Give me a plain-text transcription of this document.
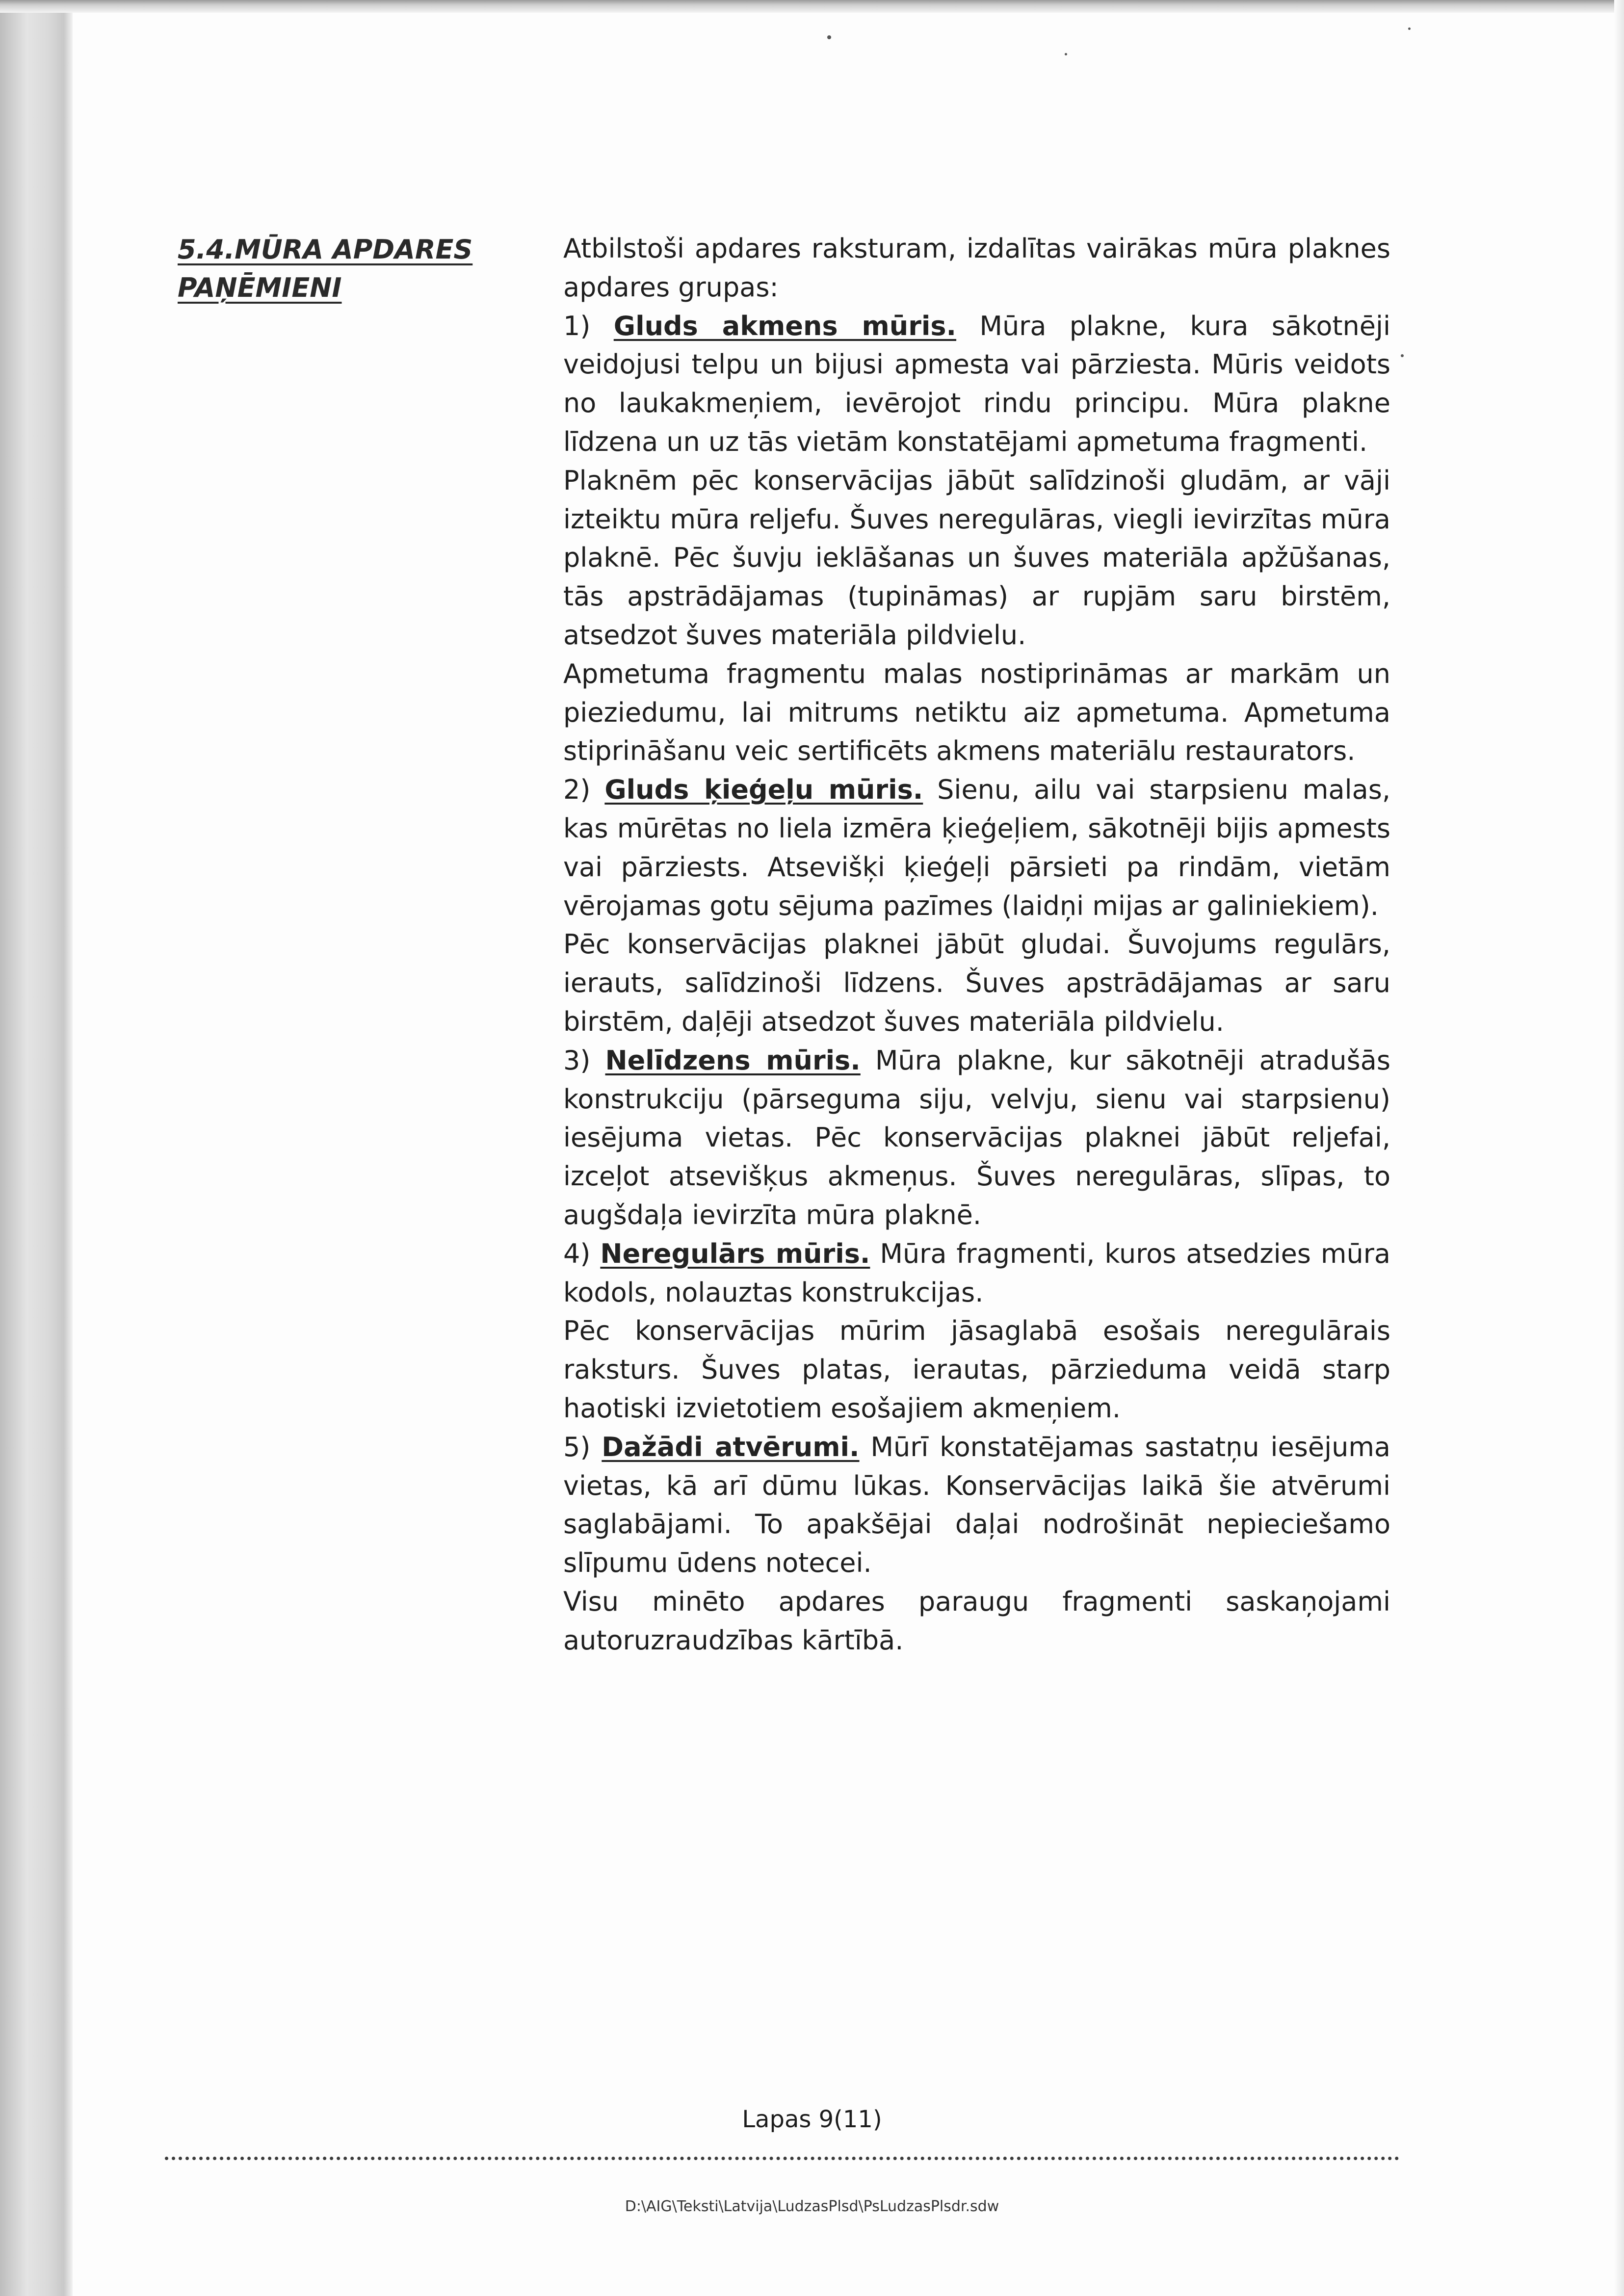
5.4.MŪRA APDARES
PAŅĒMIENI

Atbilstoši apdares raksturam, izdalītas vairākas mūra plaknes apdares grupas:

1) Gluds akmens mūris. Mūra plakne, kura sākotnēji veidojusi telpu un bijusi apmesta vai pārziesta. Mūris veidots no laukakmeņiem, ievērojot rindu principu. Mūra plakne līdzena un uz tās vietām konstatējami apmetuma fragmenti.

Plaknēm pēc konservācijas jābūt salīdzinoši gludām, ar vāji izteiktu mūra reljefu. Šuves neregulāras, viegli ievirzītas mūra plaknē. Pēc šuvju ieklāšanas un šuves materiāla apžūšanas, tās apstrādājamas (tupināmas) ar rupjām saru birstēm, atsedzot šuves materiāla pildvielu.

Apmetuma fragmentu malas nostiprināmas ar markām un pieziedumu, lai mitrums netiktu aiz apmetuma. Apmetuma stiprināšanu veic sertificēts akmens materiālu restaurators.

2) Gluds ķieģeļu mūris. Sienu, ailu vai starpsienu malas, kas mūrētas no liela izmēra ķieģeļiem, sākotnēji bijis apmests vai pārziests. Atsevišķi ķieģeļi pārsieti pa rindām, vietām vērojamas gotu sējuma pazīmes (laidņi mijas ar galiniekiem).

Pēc konservācijas plaknei jābūt gludai. Šuvojums regulārs, ierauts, salīdzinoši līdzens. Šuves apstrādājamas ar saru birstēm, daļēji atsedzot šuves materiāla pildvielu.

3) Nelīdzens mūris. Mūra plakne, kur sākotnēji atradušās konstrukciju (pārseguma siju, velvju, sienu vai starpsienu) iesējuma vietas. Pēc konservācijas plaknei jābūt reljefai, izceļot atsevišķus akmeņus. Šuves neregulāras, slīpas, to augšdaļa ievirzīta mūra plaknē.

4) Neregulārs mūris. Mūra fragmenti, kuros atsedzies mūra kodols, nolauztas konstrukcijas.

Pēc konservācijas mūrim jāsaglabā esošais neregulārais raksturs. Šuves platas, ierautas, pārzieduma veidā starp haotiski izvietotiem esošajiem akmeņiem.

5) Dažādi atvērumi. Mūrī konstatējamas sastatņu iesējuma vietas, kā arī dūmu lūkas. Konservācijas laikā šie atvērumi saglabājami. To apakšējai daļai nodrošināt nepieciešamo slīpumu ūdens notecei.

Visu minēto apdares paraugu fragmenti saskaņojami autoruzraudzības kārtībā.

Lapas 9(11)
D:\AIG\Teksti\Latvija\LudzasPlsd\PsLudzasPlsdr.sdw
